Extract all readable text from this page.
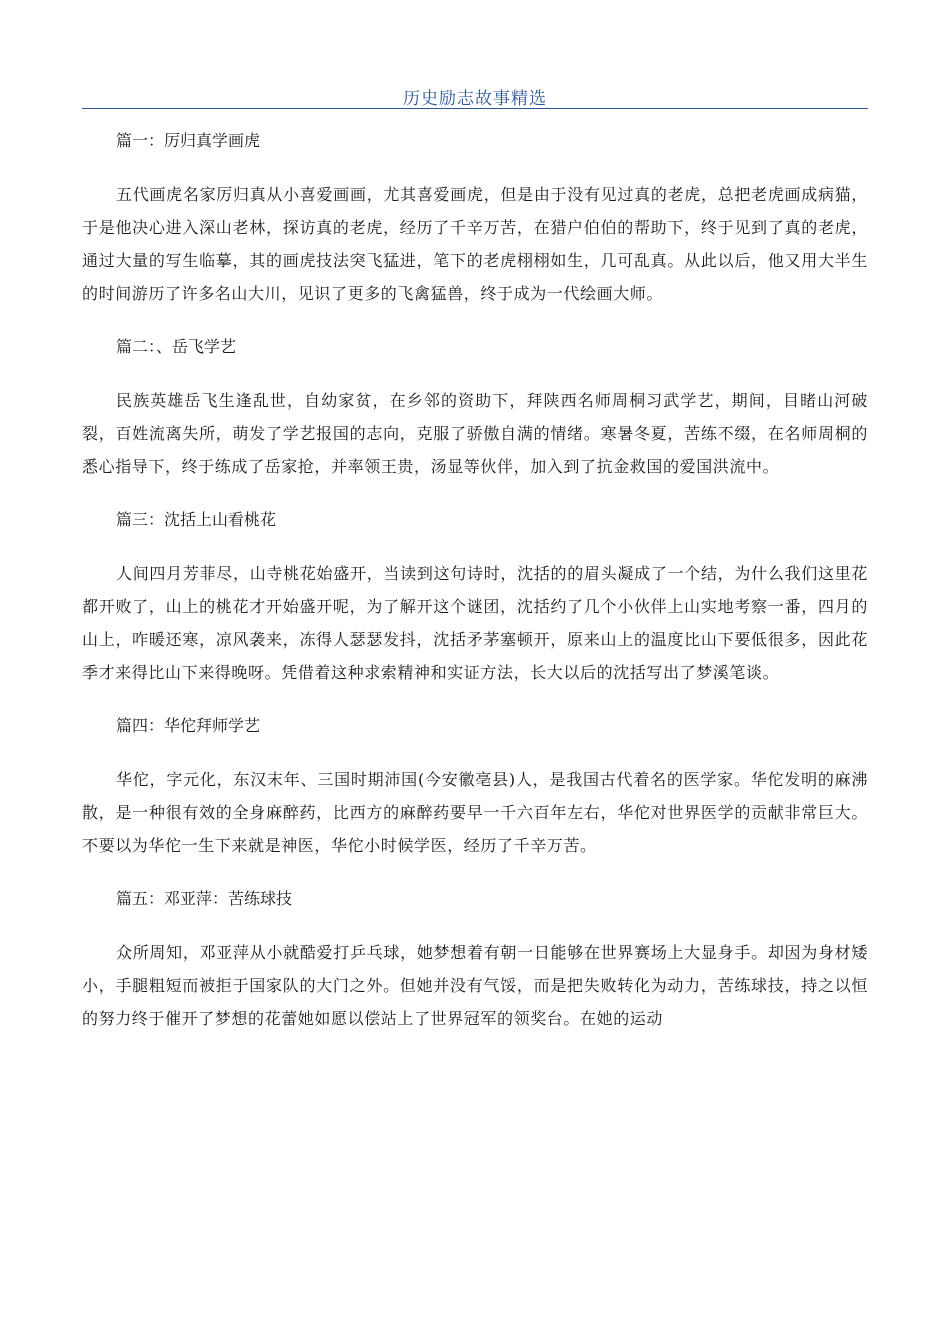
历史励志故事精选

篇一：厉归真学画虎

五代画虎名家厉归真从小喜爱画画，尤其喜爱画虎，但是由于没有见过真的老虎，总把老虎画成病猫，于是他决心进入深山老林，探访真的老虎，经历了千辛万苦，在猎户伯伯的帮助下，终于见到了真的老虎，通过大量的写生临摹，其的画虎技法突飞猛进，笔下的老虎栩栩如生，几可乱真。从此以后，他又用大半生的时间游历了许多名山大川，见识了更多的飞禽猛兽，终于成为一代绘画大师。

篇二：、岳飞学艺

民族英雄岳飞生逢乱世，自幼家贫，在乡邻的资助下，拜陕西名师周桐习武学艺，期间，目睹山河破裂，百姓流离失所，萌发了学艺报国的志向，克服了骄傲自满的情绪。寒暑冬夏，苦练不缀，在名师周桐的悉心指导下，终于练成了岳家抢，并率领王贵，汤显等伙伴，加入到了抗金救国的爱国洪流中。

篇三：沈括上山看桃花

人间四月芳菲尽，山寺桃花始盛开，当读到这句诗时，沈括的的眉头凝成了一个结，为什么我们这里花都开败了，山上的桃花才开始盛开呢，为了解开这个谜团，沈括约了几个小伙伴上山实地考察一番，四月的山上，咋暖还寒，凉风袭来，冻得人瑟瑟发抖，沈括矛茅塞顿开，原来山上的温度比山下要低很多，因此花季才来得比山下来得晚呀。凭借着这种求索精神和实证方法，长大以后的沈括写出了梦溪笔谈。

篇四：华佗拜师学艺

华佗，字元化，东汉末年、三国时期沛国(今安徽亳县)人，是我国古代着名的医学家。华佗发明的麻沸散，是一种很有效的全身麻醉药，比西方的麻醉药要早一千六百年左右，华佗对世界医学的贡献非常巨大。不要以为华佗一生下来就是神医，华佗小时候学医，经历了千辛万苦。

篇五：邓亚萍：苦练球技

众所周知，邓亚萍从小就酷爱打乒乓球，她梦想着有朝一日能够在世界赛场上大显身手。却因为身材矮小，手腿粗短而被拒于国家队的大门之外。但她并没有气馁，而是把失败转化为动力，苦练球技，持之以恒的努力终于催开了梦想的花蕾她如愿以偿站上了世界冠军的领奖台。在她的运动
